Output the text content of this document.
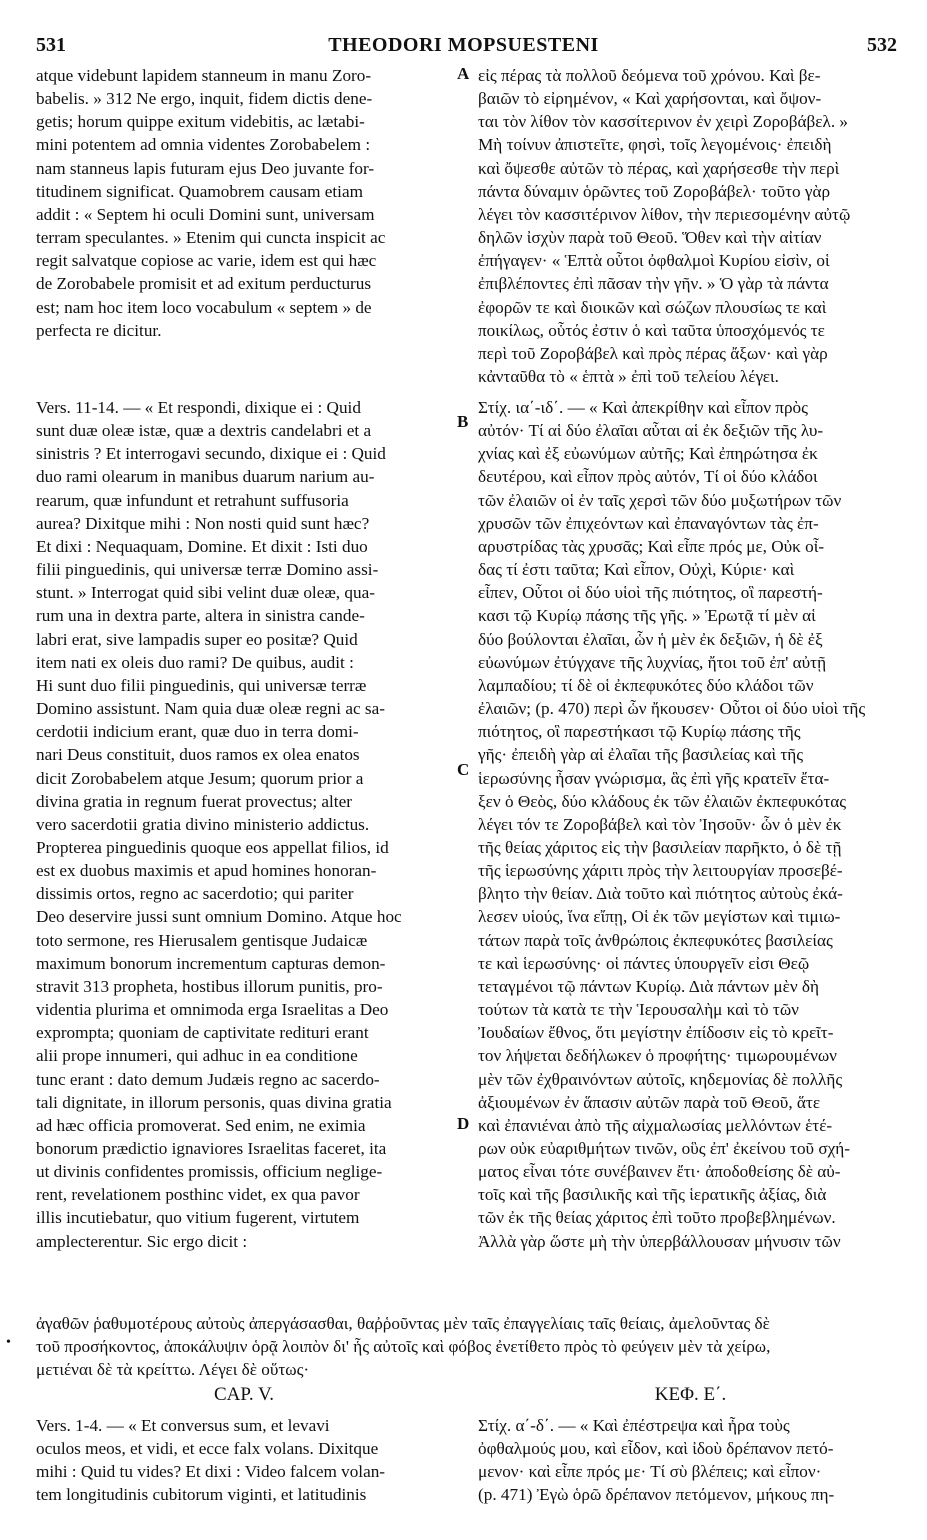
531	THEODORI MOPSUESTENI	532

atque videbunt lapidem stanneum in manu Zoro-
babelis. » 312 Ne ergo, inquit, fidem dictis dene-
getis; horum quippe exitum videbitis, ac lætabi-
mini potentem ad omnia videntes Zorobabelem :
nam stanneus lapis futuram ejus Deo juvante for-
titudinem significat. Quamobrem causam etiam
addit : « Septem hi oculi Domini sunt, universam
terram speculantes. » Etenim qui cuncta inspicit ac
regit salvatque copiose ac varie, idem est qui hæc
de Zorobabele promisit et ad exitum perducturus
est; nam hoc item loco vocabulum « septem » de
perfecta re dicitur.

Vers. 11-14. — « Et respondi, dixique ei : Quid
sunt duæ oleæ istæ, quæ a dextris candelabri et a
sinistris ? Et interrogavi secundo, dixique ei : Quid
duo rami olearum in manibus duarum narium au-
rearum, quæ infundunt et retrahunt suffusoria
aurea? Dixitque mihi : Non nosti quid sunt hæc?
Et dixi : Nequaquam, Domine. Et dixit : Isti duo
filii pinguedinis, qui universæ terræ Domino assi-
stunt. » Interrogat quid sibi velint duæ oleæ, qua-
rum una in dextra parte, altera in sinistra cande-
labri erat, sive lampadis super eo positæ? Quid
item nati ex oleis duo rami? De quibus, audit :
Hi sunt duo filii pinguedinis, qui universæ terræ
Domino assistunt. Nam quia duæ oleæ regni ac sa-
cerdotii indicium erant, quæ duo in terra domi-
nari Deus constituit, duos ramos ex olea enatos
dicit Zorobabelem atque Jesum; quorum prior a
divina gratia in regnum fuerat provectus; alter
vero sacerdotii gratia divino ministerio addictus.
Propterea pinguedinis quoque eos appellat filios, id
est ex duobus maximis et apud homines honoran-
dissimis ortos, regno ac sacerdotio; qui pariter
Deo deservire jussi sunt omnium Domino. Atque hoc
toto sermone, res Hierusalem gentisque Judaicæ
maximum bonorum incrementum capturas demon-
stravit 313 propheta, hostibus illorum punitis, pro-
videntia plurima et omnimoda erga Israelitas a Deo
exprompta; quoniam de captivitate redituri erant
alii prope innumeri, qui adhuc in ea conditione
tunc erant : dato demum Judæis regno ac sacerdo-
tali dignitate, in illorum personis, quas divina gratia
ad hæc officia promoverat. Sed enim, ne eximia
bonorum prædictio ignaviores Israelitas faceret, ita
ut divinis confidentes promissis, officium neglige-
rent, revelationem posthinc videt, ex qua pavor
illis incutiebatur, quo vitium fugerent, virtutem
amplecterentur. Sic ergo dicit :

εἰς πέρας τὰ πολλοῦ δεόμενα τοῦ χρόνου. Καὶ βε-
βαιῶν τὸ εἰρημένον, « Καὶ χαρήσονται, καὶ ὄψον-
ται τὸν λίθον τὸν κασσίτερινον ἐν χειρὶ Ζοροβάβελ. »
Μὴ τοίνυν ἀπιστεῖτε, φησὶ, τοῖς λεγομένοις· ἐπειδὴ
καὶ ὄψεσθε αὐτῶν τὸ πέρας, καὶ χαρήσεσθε τὴν περὶ
πάντα δύναμιν ὁρῶντες τοῦ Ζοροβάβελ· τοῦτο γὰρ
λέγει τὸν κασσιτέρινον λίθον, τὴν περιεσομένην αὐτῷ
δηλῶν ἰσχὺν παρὰ τοῦ Θεοῦ. Ὅθεν καὶ τὴν αἰτίαν
ἐπήγαγεν· « Ἑπτὰ οὗτοι ὀφθαλμοὶ Κυρίου εἰσὶν, οἱ
ἐπιβλέποντες ἐπὶ πᾶσαν τὴν γῆν. » Ὁ γὰρ τὰ πάντα
ἐφορῶν τε καὶ διοικῶν καὶ σώζων πλουσίως τε καὶ
ποικίλως, οὗτός ἐστιν ὁ καὶ ταῦτα ὑποσχόμενός τε
περὶ τοῦ Ζοροβάβελ καὶ πρὸς πέρας ἄξων· καὶ γὰρ
κἀνταῦθα τὸ « ἑπτὰ » ἐπὶ τοῦ τελείου λέγει.

Στίχ. ια΄-ιδ΄. — « Καὶ ἀπεκρίθην καὶ εἶπον πρὸς
αὐτόν· Τί αἱ δύο ἐλαῖαι αὗται αἱ ἐκ δεξιῶν τῆς λυ-
χνίας καὶ ἐξ εὐωνύμων αὐτῆς; Καὶ ἐπηρώτησα ἐκ
δευτέρου, καὶ εἶπον πρὸς αὐτόν, Τί οἱ δύο κλάδοι
τῶν ἐλαιῶν οἱ ἐν ταῖς χερσὶ τῶν δύο μυξωτήρων τῶν
χρυσῶν τῶν ἐπιχεόντων καὶ ἐπαναγόντων τὰς ἐπ-
αρυστρίδας τὰς χρυσᾶς; Καὶ εἶπε πρός με, Οὐκ οἶ-
δας τί ἐστι ταῦτα; Καὶ εἶπον, Οὐχὶ, Κύριε· καὶ
εἶπεν, Οὗτοι οἱ δύο υἱοὶ τῆς πιότητος, οἳ παρεστή-
κασι τῷ Κυρίῳ πάσης τῆς γῆς. » Ἐρωτᾷ τί μὲν αἱ
δύο βούλονται ἐλαῖαι, ὧν ἡ μὲν ἐκ δεξιῶν, ἡ δὲ ἐξ
εὐωνύμων ἐτύγχανε τῆς λυχνίας, ἤτοι τοῦ ἐπ' αὐτῇ
λαμπαδίου; τί δὲ οἱ ἐκπεφυκότες δύο κλάδοι τῶν
ἐλαιῶν; (p. 470) περὶ ὧν ἤκουσεν· Οὗτοι οἱ δύο υἱοὶ τῆς
πιότητος, οἳ παρεστήκασι τῷ Κυρίῳ πάσης τῆς
γῆς· ἐπειδὴ γὰρ αἱ ἐλαῖαι τῆς βασιλείας καὶ τῆς
ἱερωσύνης ἦσαν γνώρισμα, ἃς ἐπὶ γῆς κρατεῖν ἔτα-
ξεν ὁ Θεὸς, δύο κλάδους ἐκ τῶν ἐλαιῶν ἐκπεφυκότας
λέγει τόν τε Ζοροβάβελ καὶ τὸν Ἰησοῦν· ὧν ὁ μὲν ἐκ
τῆς θείας χάριτος εἰς τὴν βασιλείαν παρῆκτο, ὁ δὲ τῇ
τῆς ἱερωσύνης χάριτι πρὸς τὴν λειτουργίαν προσεβέ-
βλητο τὴν θείαν. Διὰ τοῦτο καὶ πιότητος αὐτοὺς ἐκά-
λεσεν υἱούς, ἵνα εἴπῃ, Οἱ ἐκ τῶν μεγίστων καὶ τιμιω-
τάτων παρὰ τοῖς ἀνθρώποις ἐκπεφυκότες βασιλείας
τε καὶ ἱερωσύνης· οἱ πάντες ὑπουργεῖν εἰσι Θεῷ
τεταγμένοι τῷ πάντων Κυρίῳ. Διὰ πάντων μὲν δὴ
τούτων τὰ κατὰ τε τὴν Ἱερουσαλὴμ καὶ τὸ τῶν
Ἰουδαίων ἔθνος, ὅτι μεγίστην ἐπίδοσιν εἰς τὸ κρεῖτ-
τον λήψεται δεδήλωκεν ὁ προφήτης· τιμωρουμένων
μὲν τῶν ἐχθραινόντων αὐτοῖς, κηδεμονίας δὲ πολλῆς
ἀξιουμένων ἐν ἅπασιν αὐτῶν παρὰ τοῦ Θεοῦ, ἅτε
καὶ ἐπανιέναι ἀπὸ τῆς αἰχμαλωσίας μελλόντων ἑτέ-
ρων οὐκ εὐαριθμήτων τινῶν, οὓς ἐπ' ἐκείνου τοῦ σχή-
ματος εἶναι τότε συνέβαινεν ἔτι· ἀποδοθείσης δὲ αὐ-
τοῖς καὶ τῆς βασιλικῆς καὶ τῆς ἱερατικῆς ἀξίας, διὰ
τῶν ἐκ τῆς θείας χάριτος ἐπὶ τοῦτο προβεβλημένων.
Ἀλλὰ γὰρ ὥστε μὴ τὴν ὑπερβάλλουσαν μήνυσιν τῶν

A
B
C
D
•
ἀγαθῶν ῥαθυμοτέρους αὐτοὺς ἀπεργάσασθαι, θαῤῥοῦντας μὲν ταῖς ἐπαγγελίαις ταῖς θείαις, ἀμελοῦντας δὲ
τοῦ προσήκοντος, ἀποκάλυψιν ὁρᾷ λοιπὸν δι' ἧς αὐτοῖς καὶ φόβος ἐνετίθετο πρὸς τὸ φεύγειν μὲν τὰ χείρω,
μετιέναι δὲ τὰ κρείττω. Λέγει δὲ οὕτως·
CAP. V.	ΚΕΦ. Ε΄.

Vers. 1-4. — « Et conversus sum, et levavi
oculos meos, et vidi, et ecce falx volans. Dixitque
mihi : Quid tu vides? Et dixi : Video falcem volan-
tem longitudinis cubitorum viginti, et latitudinis

Στίχ. α΄-δ΄. — « Καὶ ἐπέστρεψα καὶ ἦρα τοὺς
ὀφθαλμούς μου, καὶ εἶδον, καὶ ἰδοὺ δρέπανον πετό-
μενον· καὶ εἶπε πρός με· Τί σὺ βλέπεις; καὶ εἶπον·
(p. 471) Ἐγὼ ὁρῶ δρέπανον πετόμενον, μήκους πη-
